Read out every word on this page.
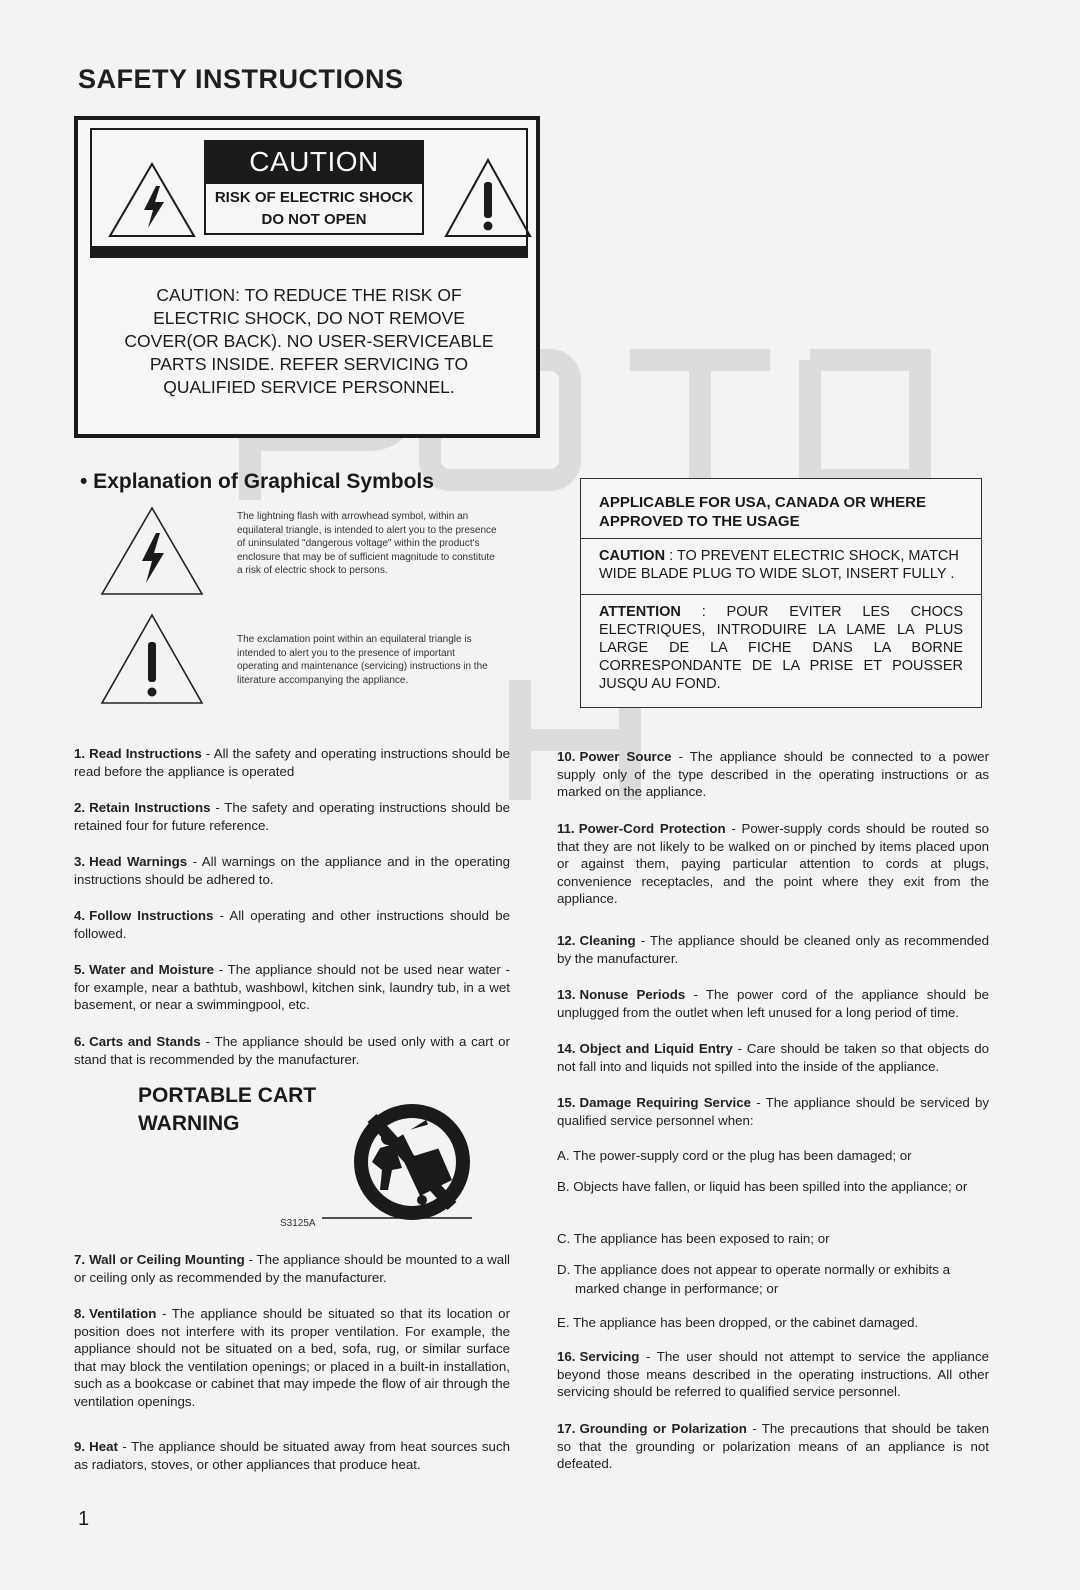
SAFETY INSTRUCTIONS
CAUTION
RISK OF ELECTRIC SHOCK
DO NOT OPEN
CAUTION: TO REDUCE THE RISK OF
ELECTRIC SHOCK, DO NOT REMOVE
COVER(OR BACK). NO USER-SERVICEABLE
PARTS INSIDE. REFER SERVICING TO
QUALIFIED SERVICE PERSONNEL.
• Explanation of Graphical Symbols
The lightning flash with arrowhead symbol, within an equilateral triangle, is intended to alert you to the presence of uninsulated "dangerous voltage" within the product's enclosure that may be of sufficient magnitude to constitute a risk of electric shock to persons.
The exclamation point within an equilateral triangle is intended to alert you to the presence of important operating and maintenance (servicing) instructions in the literature accompanying the appliance.
APPLICABLE FOR USA, CANADA OR WHERE APPROVED TO THE USAGE
CAUTION : TO PREVENT ELECTRIC SHOCK, MATCH WIDE BLADE PLUG TO WIDE SLOT, INSERT FULLY .
ATTENTION : POUR EVITER LES CHOCS ELECTRIQUES, INTRODUIRE LA LAME LA PLUS LARGE DE LA FICHE DANS LA BORNE CORRESPONDANTE DE LA PRISE ET POUSSER JUSQU AU FOND.

1. Read Instructions - All the safety and operating instructions should be read before the appliance is operated

2. Retain Instructions - The safety and operating instructions should be retained four for future reference.

3. Head Warnings - All warnings on the appliance and in the operating instructions should be adhered to.

4. Follow Instructions - All operating and other instructions should be followed.

5. Water and Moisture - The appliance should not be used near water - for example, near a bathtub, washbowl, kitchen sink, laundry tub, in a wet basement, or near a swimmingpool, etc.

6. Carts and Stands - The appliance should be used only with a cart or stand that is recommended by the manufacturer.

7. Wall or Ceiling Mounting - The appliance should be mounted to a wall or ceiling only as recommended by the manufacturer.

8. Ventilation - The appliance should be situated so that its location or position does not interfere with its proper ventilation. For example, the appliance should not be situated on a bed, sofa, rug, or similar surface that may block the ventilation openings; or placed in a built-in installation, such as a bookcase or cabinet that may impede the flow of air through the ventilation openings.

9. Heat - The appliance should be situated away from heat sources such as radiators, stoves, or other appliances that produce heat.

PORTABLE CART
WARNING
S3125A

10. Power Source - The appliance should be connected to a power supply only of the type described in the operating instructions or as marked on the appliance.

11. Power-Cord Protection - Power-supply cords should be routed so that they are not likely to be walked on or pinched by items placed upon or against them, paying particular attention to cords at plugs, convenience receptacles, and the point where they exit from the appliance.

12. Cleaning - The appliance should be cleaned only as recommended by the manufacturer.

13. Nonuse Periods - The power cord of the appliance should be unplugged from the outlet when left unused for a long period of time.

14. Object and Liquid Entry - Care should be taken so that objects do not fall into and liquids not spilled into the inside of the appliance.

15. Damage Requiring Service - The appliance should be serviced by qualified service personnel when:

A. The power-supply cord or the plug has been damaged; or
B. Objects have fallen, or liquid has been spilled into the appliance; or
C. The appliance has been exposed to rain; or
D. The appliance does not appear to operate normally or exhibits a marked change in performance; or
E. The appliance has been dropped, or the cabinet damaged.

16. Servicing - The user should not attempt to service the appliance beyond those means described in the operating instructions. All other servicing should be referred to qualified service personnel.

17. Grounding or Polarization - The precautions that should be taken so that the grounding or polarization means of an appliance is not defeated.

1
